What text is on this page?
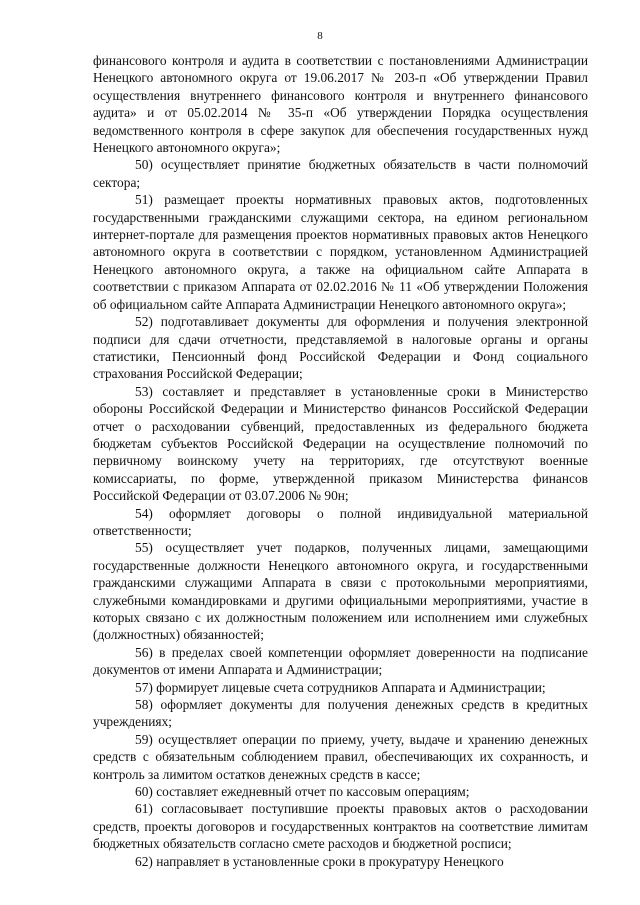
8

финансового контроля и аудита в соответствии с постановлениями Администрации Ненецкого автономного округа от 19.06.2017 № 203-п «Об утверждении Правил осуществления внутреннего финансового контроля и внутреннего финансового аудита» и от 05.02.2014 № 35-п «Об утверждении Порядка осуществления ведомственного контроля в сфере закупок для обеспечения государственных нужд Ненецкого автономного округа»;

50) осуществляет принятие бюджетных обязательств в части полномочий сектора;

51) размещает проекты нормативных правовых актов, подготовленных государственными гражданскими служащими сектора, на едином региональном интернет-портале для размещения проектов нормативных правовых актов Ненецкого автономного округа в соответствии с порядком, установленном Администрацией Ненецкого автономного округа, а также на официальном сайте Аппарата в соответствии с приказом Аппарата от 02.02.2016 № 11 «Об утверждении Положения об официальном сайте Аппарата Администрации Ненецкого автономного округа»;

52) подготавливает документы для оформления и получения электронной подписи для сдачи отчетности, представляемой в налоговые органы и органы статистики, Пенсионный фонд Российской Федерации и Фонд социального страхования Российской Федерации;

53) составляет и представляет в установленные сроки в Министерство обороны Российской Федерации и Министерство финансов Российской Федерации отчет о расходовании субвенций, предоставленных из федерального бюджета бюджетам субъектов Российской Федерации на осуществление полномочий по первичному воинскому учету на территориях, где отсутствуют военные комиссариаты, по форме, утвержденной приказом Министерства финансов Российской Федерации от 03.07.2006 № 90н;

54) оформляет договоры о полной индивидуальной материальной ответственности;

55) осуществляет учет подарков, полученных лицами, замещающими государственные должности Ненецкого автономного округа, и государственными гражданскими служащими Аппарата в связи с протокольными мероприятиями, служебными командировками и другими официальными мероприятиями, участие в которых связано с их должностным положением или исполнением ими служебных (должностных) обязанностей;

56) в пределах своей компетенции оформляет доверенности на подписание документов от имени Аппарата и Администрации;

57) формирует лицевые счета сотрудников Аппарата и Администрации;

58) оформляет документы для получения денежных средств в кредитных учреждениях;

59) осуществляет операции по приему, учету, выдаче и хранению денежных средств с обязательным соблюдением правил, обеспечивающих их сохранность, и контроль за лимитом остатков денежных средств в кассе;

60) составляет ежедневный отчет по кассовым операциям;

61) согласовывает поступившие проекты правовых актов о расходовании средств, проекты договоров и государственных контрактов на соответствие лимитам бюджетных обязательств согласно смете расходов и бюджетной росписи;

62) направляет в установленные сроки в прокуратуру Ненецкого
